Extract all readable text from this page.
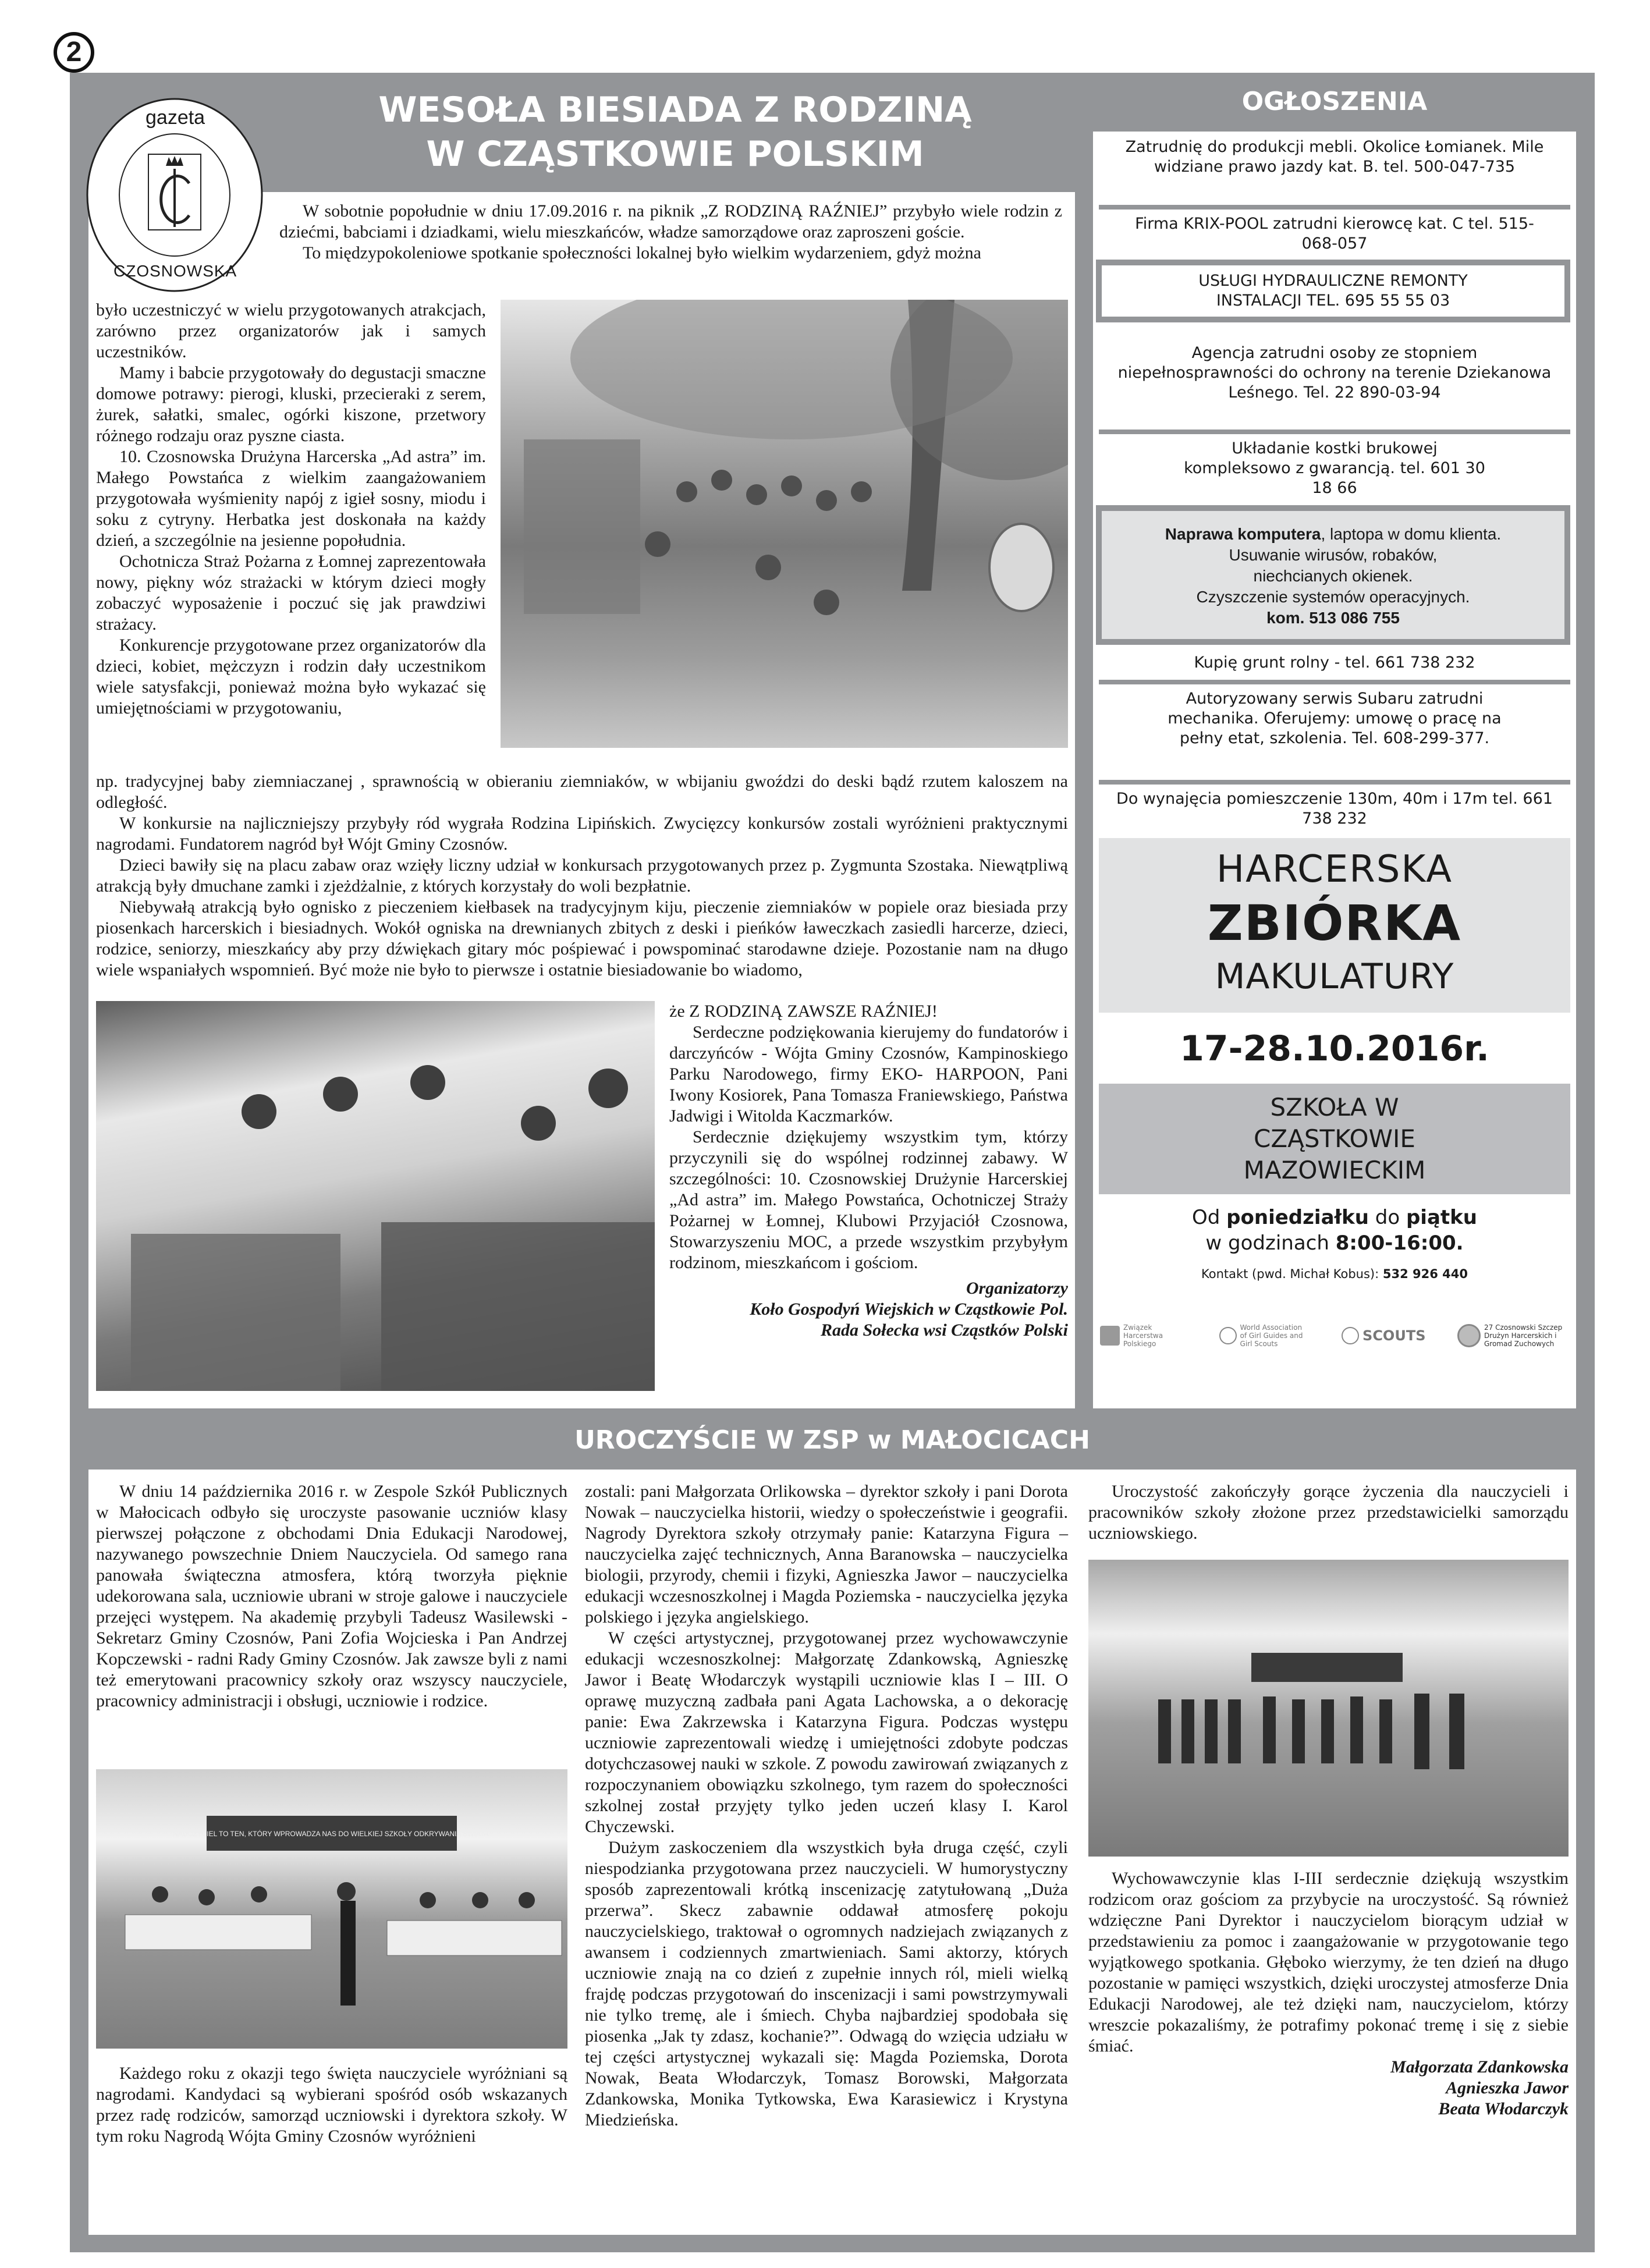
2
gazeta
CZOSNOWSKA
WESOŁA BIESIADA Z RODZINĄ
W CZĄSTKOWIE POLSKIM

W sobotnie popołudnie w dniu 17.09.2016 r. na piknik „Z RODZINĄ RAŹNIEJ” przybyło wiele rodzin z dziećmi, babciami i dziadkami, wielu mieszkańców, władze samorządowe oraz zaproszeni goście.

To międzypokoleniowe spotkanie społeczności lokalnej było wielkim wydarzeniem, gdyż można

było uczestniczyć w wielu przygotowanych atrakcjach, zarówno przez organizatorów jak i samych uczestników.

Mamy i babcie przygotowały do degustacji smaczne domowe potrawy: pierogi, kluski, przecieraki z serem, żurek, sałatki, smalec, ogórki kiszone, przetwory różnego rodzaju oraz pyszne ciasta.

10. Czosnowska Drużyna Harcerska „Ad astra” im. Małego Powstańca z wielkim zaangażowaniem przygotowała wyśmienity napój z igieł sosny, miodu i soku z cytryny. Herbatka jest doskonała na każdy dzień, a szczególnie na jesienne popołudnia.

Ochotnicza Straż Pożarna z Łomnej zaprezentowała nowy, piękny wóz strażacki w którym dzieci mogły zobaczyć wyposażenie i poczuć się jak prawdziwi strażacy.

Konkurencje przygotowane przez organizatorów dla dzieci, kobiet, mężczyzn i rodzin dały uczestnikom wiele satysfakcji, ponieważ można było wykazać się umiejętnościami w przygotowaniu,

np. tradycyjnej baby ziemniaczanej , sprawnością w obieraniu ziemniaków, w wbijaniu gwoździ do deski bądź rzutem kaloszem na odległość.

W konkursie na najliczniejszy przybyły ród wygrała Rodzina Lipińskich. Zwycięzcy konkursów zostali wyróżnieni praktycznymi nagrodami. Fundatorem nagród był Wójt Gminy Czosnów.

Dzieci bawiły się na placu zabaw oraz wzięły liczny udział w konkursach przygotowanych przez p. Zygmunta Szostaka. Niewątpliwą atrakcją były dmuchane zamki i zjeżdżalnie, z których korzystały do woli bezpłatnie.

Niebywałą atrakcją było ognisko z pieczeniem kiełbasek na tradycyjnym kiju, pieczenie ziemniaków w popiele oraz biesiada przy piosenkach harcerskich i biesiadnych. Wokół ogniska na drewnianych zbitych z deski i pieńków ławeczkach zasiedli harcerze, dzieci, rodzice, seniorzy, mieszkańcy aby przy dźwiękach gitary móc pośpiewać i powspominać starodawne dzieje. Pozostanie nam na długo wiele wspaniałych wspomnień. Być może nie było to pierwsze i ostatnie biesiadowanie bo wiadomo,

że Z RODZINĄ ZAWSZE RAŹNIEJ!

Serdeczne podziękowania kierujemy do fundatorów i darczyńców - Wójta Gminy Czosnów, Kampinoskiego Parku Narodowego, firmy EKO- HARPOON, Pani Iwony Kosiorek, Pana Tomasza Franiewskiego, Państwa Jadwigi i Witolda Kaczmarków.

Serdecznie dziękujemy wszystkim tym, którzy przyczynili się do wspólnej rodzinnej zabawy. W szczególności: 10. Czosnowskiej Drużynie Harcerskiej „Ad astra” im. Małego Powstańca, Ochotniczej Straży Pożarnej w Łomnej, Klubowi Przyjaciół Czosnowa, Stowarzyszeniu MOC, a przede wszystkim przybyłym rodzinom, mieszkańcom i gościom.

Organizatorzy
Koło Gospodyń Wiejskich w Cząstkowie Pol.
Rada Sołecka wsi Cząstków Polski
OGŁOSZENIA
Zatrudnię do produkcji mebli. Okolice Łomianek. Mile widziane prawo jazdy kat. B. tel. 500-047-735
Firma KRIX-POOL zatrudni kierowcę kat. C tel. 515-068-057
USŁUGI HYDRAULICZNE REMONTY INSTALACJI TEL. 695 55 55 03
Agencja zatrudni osoby ze stopniem niepełnosprawności do ochrony na terenie Dziekanowa Leśnego. Tel. 22 890-03-94
Układanie kostki brukowej kompleksowo z gwarancją. tel. 601 30 18 66
Naprawa komputera, laptopa w domu klienta.
Usuwanie wirusów, robaków,
niechcianych okienek.
Czyszczenie systemów operacyjnych.
kom. 513 086 755
Kupię grunt rolny - tel. 661 738 232
Autoryzowany serwis Subaru zatrudni mechanika. Oferujemy: umowę o pracę na pełny etat, szkolenia. Tel. 608-299-377.
Do wynajęcia pomieszczenie 130m, 40m i 17m tel. 661 738 232
HARCERSKA
ZBIÓRKA
MAKULATURY
17-28.10.2016r.
SZKOŁA W
CZĄSTKOWIE
MAZOWIECKIM
Od poniedziałku do piątku
w godzinach 8:00-16:00.
Kontakt (pwd. Michał Kobus): 532 926 440
Związek Harcerstwa Polskiego
World Association of Girl Guides and Girl Scouts	SCOUTS	27 Czosnowski Szczep Drużyn Harcerskich i Gromad Zuchowych
UROCZYŚCIE W ZSP w MAŁOCICACH

W dniu 14 października 2016 r. w Zespole Szkół Publicznych w Małocicach odbyło się uroczyste pasowanie uczniów klasy pierwszej połączone z obchodami Dnia Edukacji Narodowej, nazywanego powszechnie Dniem Nauczyciela. Od samego rana panowała świąteczna atmosfera, którą tworzyła pięknie udekorowana sala, uczniowie ubrani w stroje galowe i nauczyciele przejęci występem. Na akademię przybyli Tadeusz Wasilewski - Sekretarz Gminy Czosnów, Pani Zofia Wojcieska i Pan Andrzej Kopczewski - radni Rady Gminy Czosnów. Jak zawsze byli z nami też emerytowani pracownicy szkoły oraz wszyscy nauczyciele, pracownicy administracji i obsługi, uczniowie i rodzice.

NAUCZYCIEL TO TEN, KTÓRY WPROWADZA NAS DO WIELKIEJ SZKOŁY ODKRYWANIA ŚWIATA.

Każdego roku z okazji tego święta nauczyciele wyróżniani są nagrodami. Kandydaci są wybierani spośród osób wskazanych przez radę rodziców, samorząd uczniowski i dyrektora szkoły. W tym roku Nagrodą Wójta Gminy Czosnów wyróżnieni

zostali: pani Małgorzata Orlikowska – dyrektor szkoły i pani Dorota Nowak – nauczycielka historii, wiedzy o społeczeństwie i geografii. Nagrody Dyrektora szkoły otrzymały panie: Katarzyna Figura – nauczycielka zajęć technicznych, Anna Baranowska – nauczycielka biologii, przyrody, chemii i fizyki, Agnieszka Jawor – nauczycielka edukacji wczesnoszkolnej i Magda Poziemska - nauczycielka języka polskiego i języka angielskiego.

W części artystycznej, przygotowanej przez wychowawczynie edukacji wczesnoszkolnej: Małgorzatę Zdankowską, Agnieszkę Jawor i Beatę Włodarczyk wystąpili uczniowie klas I – III. O oprawę muzyczną zadbała pani Agata Lachowska, a o dekorację panie: Ewa Zakrzewska i Katarzyna Figura. Podczas występu uczniowie zaprezentowali wiedzę i umiejętności zdobyte podczas dotychczasowej nauki w szkole. Z powodu zawirowań związanych z rozpoczynaniem obowiązku szkolnego, tym razem do społeczności szkolnej został przyjęty tylko jeden uczeń klasy I. Karol Chyczewski.

Dużym zaskoczeniem dla wszystkich była druga część, czyli niespodzianka przygotowana przez nauczycieli. W humorystyczny sposób zaprezentowali krótką inscenizację zatytułowaną „Duża przerwa”. Skecz zabawnie oddawał atmosferę pokoju nauczycielskiego, traktował o ogromnych nadziejach związanych z awansem i codziennych zmartwieniach. Sami aktorzy, których uczniowie znają na co dzień z zupełnie innych ról, mieli wielką frajdę podczas przygotowań do inscenizacji i sami powstrzymywali nie tylko tremę, ale i śmiech. Chyba najbardziej spodobała się piosenka „Jak ty zdasz, kochanie?”. Odwagą do wzięcia udziału w tej części artystycznej wykazali się: Magda Poziemska, Dorota Nowak, Beata Włodarczyk, Tomasz Borowski, Małgorzata Zdankowska, Monika Tytkowska, Ewa Karasiewicz i Krystyna Miedzieńska.

Uroczystość zakończyły gorące życzenia dla nauczycieli i pracowników szkoły złożone przez przedstawicielki samorządu uczniowskiego.

Wychowawczynie klas I-III serdecznie dziękują wszystkim rodzicom oraz gościom za przybycie na uroczystość. Są również wdzięczne Pani Dyrektor i nauczycielom biorącym udział w przedstawieniu za pomoc i zaangażowanie w przygotowanie tego wyjątkowego spotkania. Głęboko wierzymy, że ten dzień na długo pozostanie w pamięci wszystkich, dzięki uroczystej atmosferze Dnia Edukacji Narodowej, ale też dzięki nam, nauczycielom, którzy wreszcie pokazaliśmy, że potrafimy pokonać tremę i się z siebie śmiać.

Małgorzata Zdankowska
Agnieszka Jawor
Beata Włodarczyk
